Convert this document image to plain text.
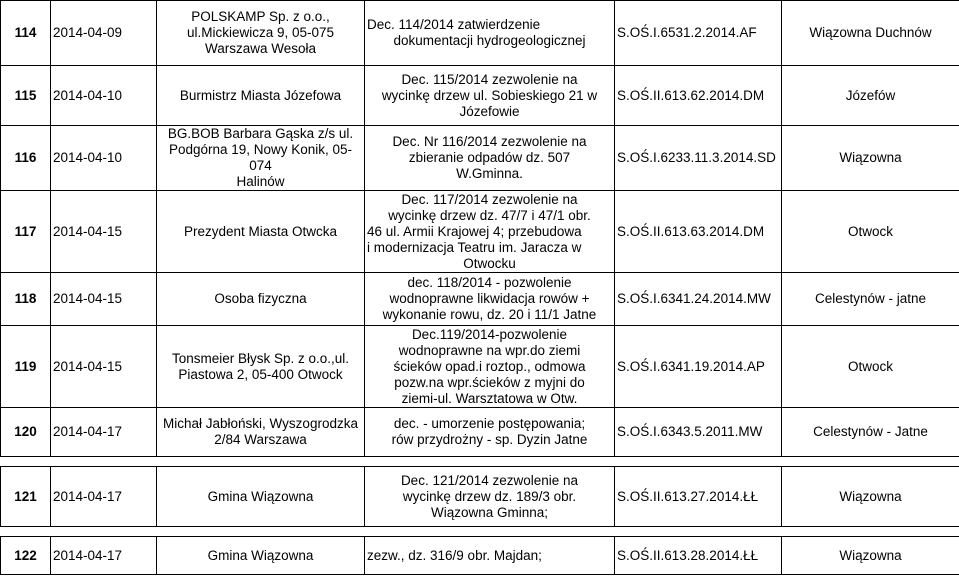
114	2014-04-09	POLSKAMP Sp. z o.o.,
ul.Mickiewicza 9, 05-075
Warszawa Wesoła	Dec. 114/2014 zatwierdzenie
dokumentacji hydrogeologicznej	S.OŚ.I.6531.2.2014.AF	Wiązowna Duchnów
115	2014-04-10	Burmistrz Miasta Józefowa	Dec. 115/2014 zezwolenie na
wycinkę drzew ul. Sobieskiego 21 w
Józefowie	S.OŚ.II.613.62.2014.DM	Józefów
116	2014-04-10	BG.BOB Barbara Gąska z/s ul.
Podgórna 19, Nowy Konik, 05-074
Halinów	Dec. Nr 116/2014 zezwolenie na
zbieranie odpadów dz. 507
W.Gminna.	S.OŚ.I.6233.11.3.2014.SD	Wiązowna
117	2014-04-15	Prezydent Miasta Otwcka	Dec. 117/2014 zezwolenie na
wycinkę drzew dz. 47/7 i 47/1 obr.
46 ul. Armii Krajowej 4; przebudowa
i modernizacja Teatru im. Jaracza w
Otwocku	S.OŚ.II.613.63.2014.DM	Otwock
118	2014-04-15	Osoba fizyczna	dec. 118/2014 - pozwolenie
wodnoprawne likwidacja rowów +
wykonanie rowu, dz. 20 i 11/1 Jatne	S.OŚ.I.6341.24.2014.MW	Celestynów - jatne
119	2014-04-15	Tonsmeier Błysk Sp. z o.o.,ul.
Piastowa 2, 05-400 Otwock	Dec.119/2014-pozwolenie
wodnoprawne na wpr.do ziemi
ścieków opad.i roztop., odmowa
pozw.na wpr.ścieków z myjni do
ziemi-ul. Warsztatowa w Otw.	S.OŚ.I.6341.19.2014.AP	Otwock
120	2014-04-17	Michał Jabłoński, Wyszogrodzka
2/84 Warszawa	dec. - umorzenie postępowania;
rów przydrożny - sp. Dyzin Jatne	S.OŚ.I.6343.5.2011.MW	Celestynów - Jatne

121	2014-04-17	Gmina Wiązowna	Dec. 121/2014 zezwolenie na
wycinkę drzew dz. 189/3 obr.
Wiązowna Gminna;	S.OŚ.II.613.27.2014.ŁŁ	Wiązowna

122	2014-04-17	Gmina Wiązowna	zezw., dz. 316/9 obr. Majdan;	S.OŚ.II.613.28.2014.ŁŁ	Wiązowna
